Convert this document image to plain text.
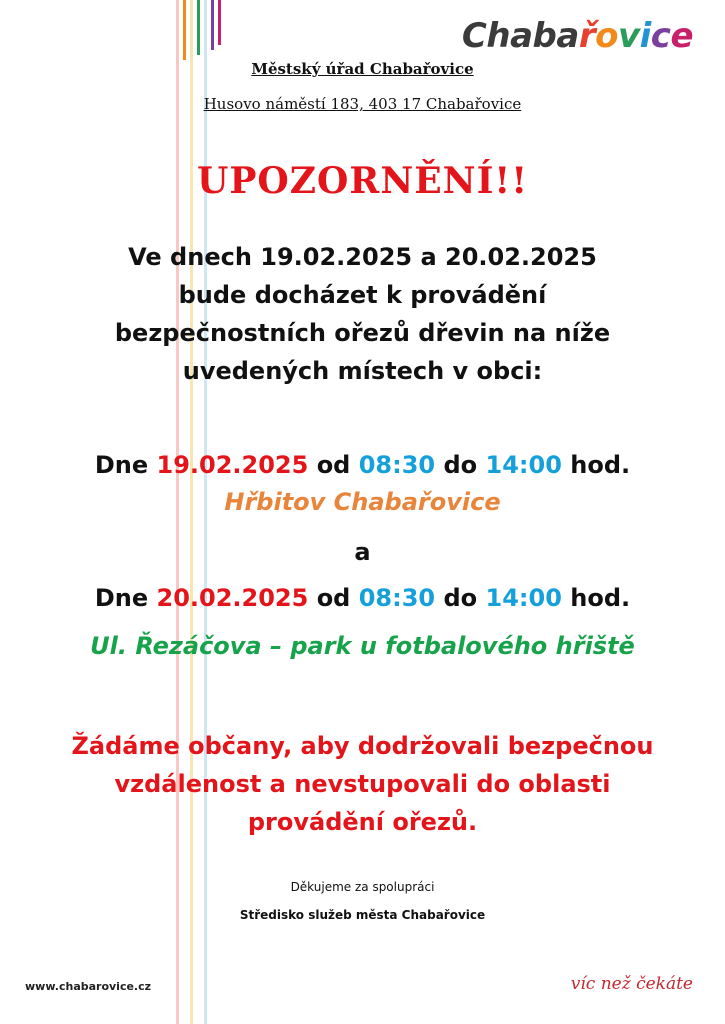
Chabařovice
Městský úřad Chabařovice
Husovo náměstí 183, 403 17 Chabařovice
UPOZORNĚNÍ!!
Ve dnech 19.02.2025 a 20.02.2025 bude docházet k provádění bezpečnostních ořezů dřevin na níže uvedených místech v obci:
Dne 19.02.2025 od 08:30 do 14:00 hod.
Hřbitov Chabařovice
a
Dne 20.02.2025 od 08:30 do 14:00 hod.
Ul. Řezáčova – park u fotbalového hřiště
Žádáme občany, aby dodržovali bezpečnou vzdálenost a nevstupovali do oblasti provádění ořezů.
Děkujeme za spolupráci
Středisko služeb města Chabařovice
www.chabarovice.cz	víc než čekáte
